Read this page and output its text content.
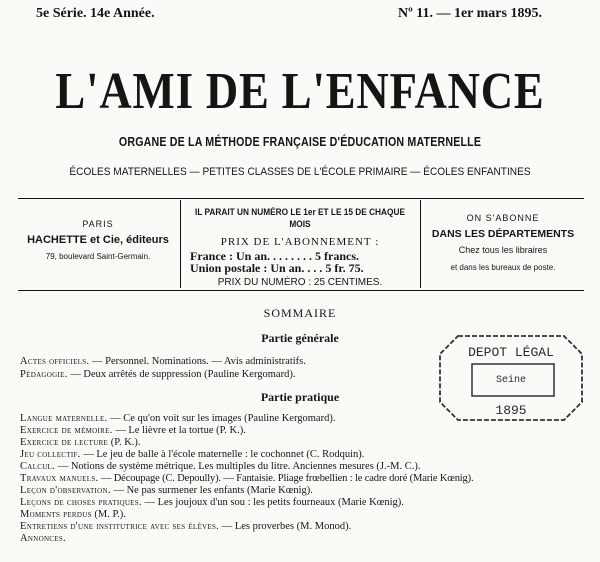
5e Série. 14e Année.	Nº 11. — 1er mars 1895.
L'AMI DE L'ENFANCE
ORGANE DE LA MÉTHODE FRANÇAISE D'ÉDUCATION MATERNELLE
ÉCOLES MATERNELLES — PETITES CLASSES DE L'ÉCOLE PRIMAIRE — ÉCOLES ENFANTINES
PARIS
HACHETTE et Cie, éditeurs
79, boulevard Saint-Germain.
IL PARAIT UN NUMÉRO LE 1er ET LE 15 DE CHAQUE MOIS
PRIX DE L'ABONNEMENT :
France : Un an. . . . . . . . 5 francs.
Union postale : Un an. . . . 5 fr. 75.
PRIX DU NUMÉRO : 25 CENTIMES.
ON S'ABONNE
DANS LES DÉPARTEMENTS
Chez tous les libraires
et dans les bureaux de poste.
SOMMAIRE
Partie générale
Actes officiels. — Personnel. Nominations. — Avis administratifs.
Pédagogie. — Deux arrêtés de suppression (Pauline Kergomard).
Partie pratique
Langue maternelle. — Ce qu'on voit sur les images (Pauline Kergomard).
Exercice de mémoire. — Le lièvre et la tortue (P. K.).
Exercice de lecture (P. K.).
Jeu collectif. — Le jeu de balle à l'école maternelle : le cochonnet (C. Rodquin).
Calcul. — Notions de système métrique. Les multiples du litre. Anciennes mesures (J.-M. C.).
Travaux manuels. — Découpage (C. Depoully). — Fantaisie. Pliage frœbellien : le cadre doré (Marie Kœnig).
Leçon d'observation. — Ne pas surmener les enfants (Marie Kœnig).
Leçons de choses pratiques. — Les joujoux d'un sou : les petits fourneaux (Marie Kœnig).
Moments perdus (M. P.).
Entretiens d'une institutrice avec ses élèves. — Les proverbes (M. Monod).
Annonces.
DEPOT LÉGAL
Seine
1895
